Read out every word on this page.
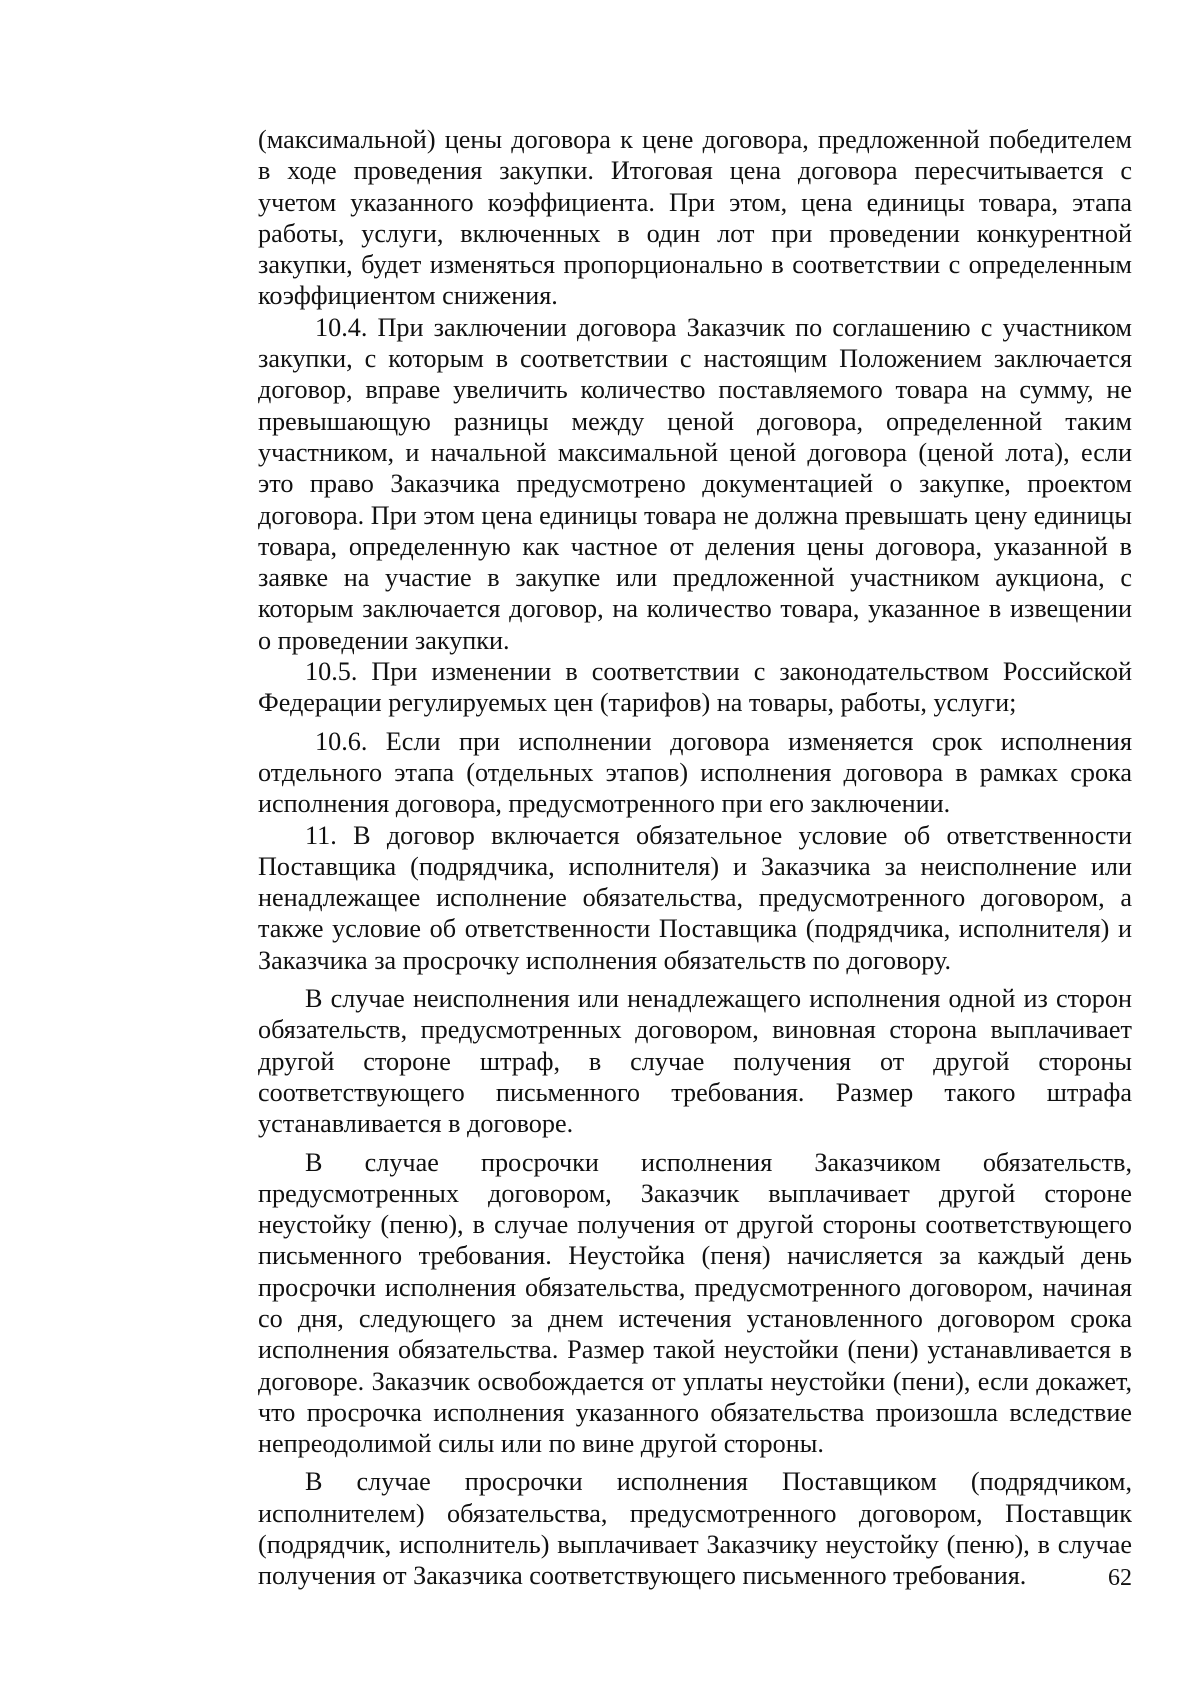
(максимальной) цены договора к цене договора, предложенной победителем в ходе проведения закупки. Итоговая цена договора пересчитывается с учетом указанного коэффициента. При этом, цена единицы товара, этапа работы, услуги, включенных в один лот при проведении конкурентной закупки, будет изменяться пропорционально в соответствии с определенным коэффициентом снижения.

10.4. При заключении договора Заказчик по соглашению с участником закупки, с которым в соответствии с настоящим Положением заключается договор, вправе увеличить количество поставляемого товара на сумму, не превышающую разницы между ценой договора, определенной таким участником, и начальной максимальной ценой договора (ценой лота), если это право Заказчика предусмотрено документацией о закупке, проектом договора. При этом цена единицы товара не должна превышать цену единицы товара, определенную как частное от деления цены договора, указанной в заявке на участие в закупке или предложенной участником аукциона, с которым заключается договор, на количество товара, указанное в извещении о проведении закупки.

10.5. При изменении в соответствии с законодательством Российской Федерации регулируемых цен (тарифов) на товары, работы, услуги;

10.6. Если при исполнении договора изменяется срок исполнения отдельного этапа (отдельных этапов) исполнения договора в рамках срока исполнения договора, предусмотренного при его заключении.

11. В договор включается обязательное условие об ответственности Поставщика (подрядчика, исполнителя) и Заказчика за неисполнение или ненадлежащее исполнение обязательства, предусмотренного договором, а также условие об ответственности Поставщика (подрядчика, исполнителя) и Заказчика за просрочку исполнения обязательств по договору.

В случае неисполнения или ненадлежащего исполнения одной из сторон обязательств, предусмотренных договором, виновная сторона выплачивает другой стороне штраф, в случае получения от другой стороны соответствующего письменного требования. Размер такого штрафа устанавливается в договоре.

В случае просрочки исполнения Заказчиком обязательств, предусмотренных договором, Заказчик выплачивает другой стороне неустойку (пеню), в случае получения от другой стороны соответствующего письменного требования. Неустойка (пеня) начисляется за каждый день просрочки исполнения обязательства, предусмотренного договором, начиная со дня, следующего за днем истечения установленного договором срока исполнения обязательства. Размер такой неустойки (пени) устанавливается в договоре. Заказчик освобождается от уплаты неустойки (пени), если докажет, что просрочка исполнения указанного обязательства произошла вследствие непреодолимой силы или по вине другой стороны.

В случае просрочки исполнения Поставщиком (подрядчиком, исполнителем) обязательства, предусмотренного договором, Поставщик (подрядчик, исполнитель) выплачивает Заказчику неустойку (пеню), в случае получения от Заказчика соответствующего письменного требования.	62
